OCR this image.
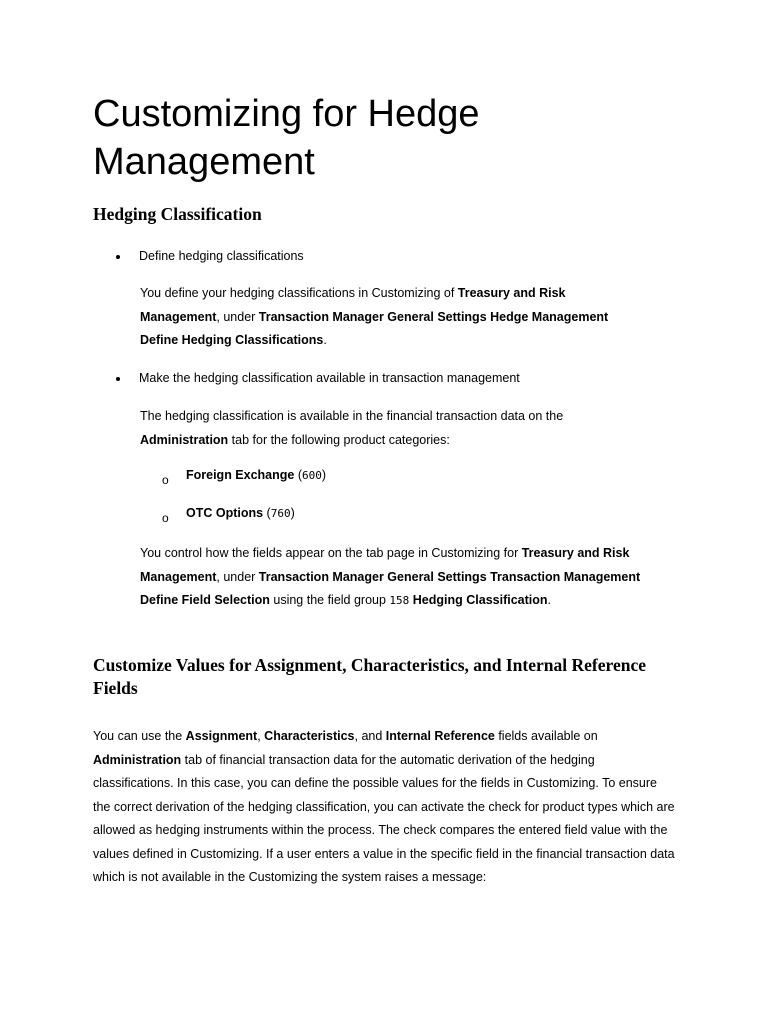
Customizing for Hedge Management
Hedging Classification

Define hedging classifications

You define your hedging classifications in Customizing of Treasury and Risk Management, under Transaction Manager General Settings Hedge Management Define Hedging Classifications.

Make the hedging classification available in transaction management

The hedging classification is available in the financial transaction data on the Administration tab for the following product categories:

o Foreign Exchange (600)

o OTC Options (760)

You control how the fields appear on the tab page in Customizing for Treasury and Risk Management, under Transaction Manager General Settings Transaction Management Define Field Selection using the field group 158 Hedging Classification.

Customize Values for Assignment, Characteristics, and Internal Reference Fields

You can use the Assignment, Characteristics, and Internal Reference fields available on Administration tab of financial transaction data for the automatic derivation of the hedging classifications. In this case, you can define the possible values for the fields in Customizing. To ensure the correct derivation of the hedging classification, you can activate the check for product types which are allowed as hedging instruments within the process. The check compares the entered field value with the values defined in Customizing. If a user enters a value in the specific field in the financial transaction data which is not available in the Customizing the system raises a message:
